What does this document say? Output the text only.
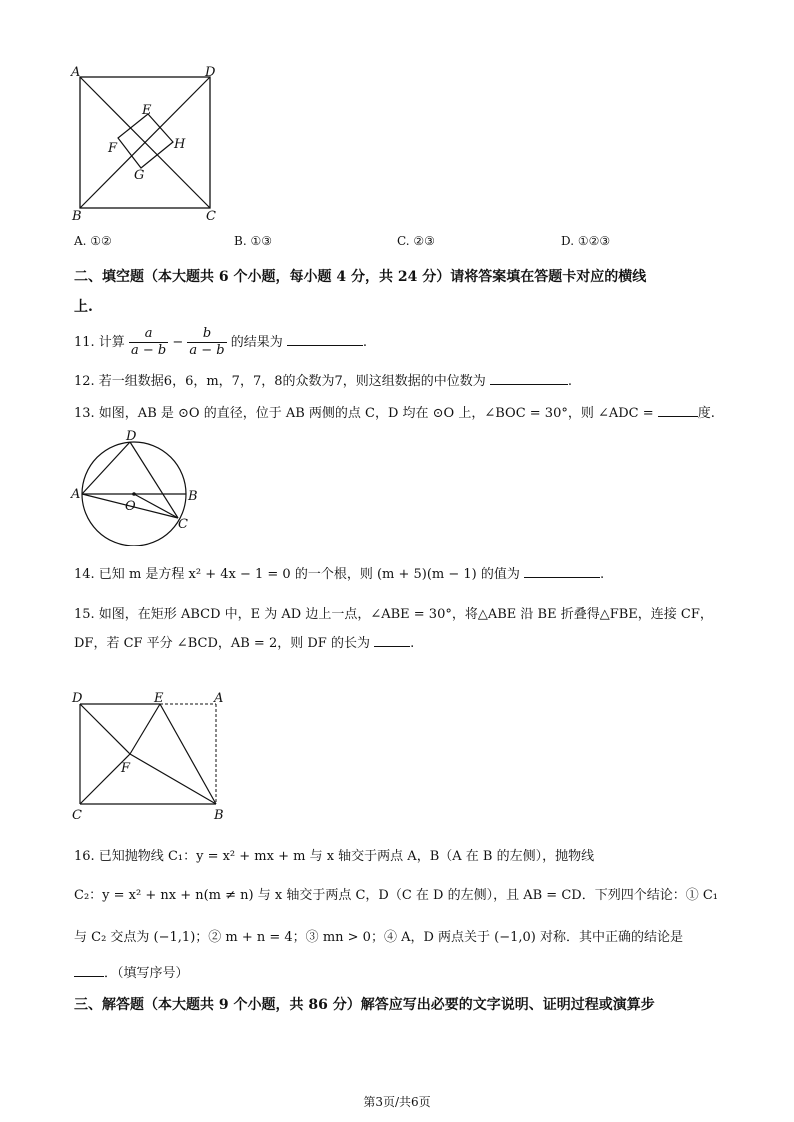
A	D
E
F	H
G
B	C
A. ①②	B. ①③	C. ②③	D. ①②③
二、填空题（本大题共 6 个小题，每小题 4 分，共 24 分）请将答案填在答题卡对应的横线
上.
11. 计算 $\frac{a}{a - b} - \frac{b}{a - b}$ 的结果为	.
12. 若一组数据6，6，m，7，7，8的众数为7，则这组数据的中位数为	.
13. 如图，AB 是 ⊙O 的直径，位于 AB 两侧的点 C，D 均在 ⊙O 上，∠BOC = 30°，则 ∠ADC =	度.
D
A	B
O
C
14. 已知 m 是方程 x² + 4x − 1 = 0 的一个根，则 (m + 5)(m − 1) 的值为	.
15. 如图，在矩形 ABCD 中，E 为 AD 边上一点，∠ABE = 30°，将△ABE 沿 BE 折叠得△FBE，连接 CF，
DF，若 CF 平分 ∠BCD，AB = 2，则 DF 的长为	.
D	E	A
F
C	B
16. 已知抛物线 C₁：y = x² + mx + m 与 x 轴交于两点 A，B（A 在 B 的左侧），抛物线
C₂：y = x² + nx + n(m ≠ n) 与 x 轴交于两点 C，D（C 在 D 的左侧），且 AB = CD．下列四个结论：① C₁
与 C₂ 交点为 (−1,1)；② m + n = 4；③ mn > 0；④ A，D 两点关于 (−1,0) 对称．其中正确的结论是
．（填写序号）
三、解答题（本大题共 9 个小题，共 86 分）解答应写出必要的文字说明、证明过程或演算步
第3页/共6页
